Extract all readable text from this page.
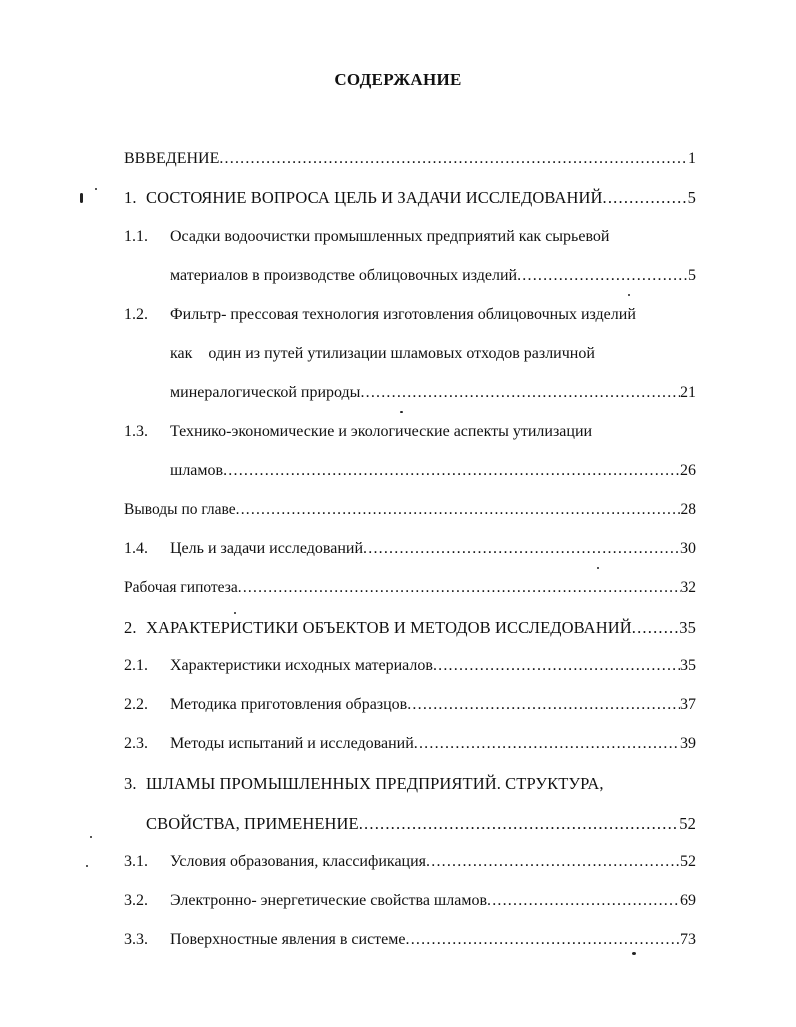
СОДЕРЖАНИЕ
ВВВЕДЕНИЕ .....	1
1. СОСТОЯНИЕ ВОПРОСА ЦЕЛЬ И ЗАДАЧИ ИССЛЕДОВАНИЙ .....	5
1.1.	Осадки водоочистки промышленных предприятий как сырьевой
материалов в производстве облицовочных изделий .....	5
1.2.	Фильтр- прессовая технология изготовления облицовочных изделий
как    один из путей утилизации шламовых отходов различной
минералогической природы .....	21
1.3.	Технико-экономические и экологические аспекты утилизации
шламов .....	26
Выводы по главе .....	28
1.4.	Цель и задачи исследований .....	30
Рабочая гипотеза .....	32
2. ХАРАКТЕРИСТИКИ ОБЪЕКТОВ И МЕТОДОВ ИССЛЕДОВАНИЙ .....	35
2.1.	Характеристики исходных материалов .....	35
2.2.	Методика приготовления образцов .....	37
2.3.	Методы испытаний и исследований .....	39
3. ШЛАМЫ ПРОМЫШЛЕННЫХ ПРЕДПРИЯТИЙ. СТРУКТУРА,
СВОЙСТВА, ПРИМЕНЕНИЕ .....	52
3.1.	Условия образования, классификация .....	52
3.2.	Электронно- энергетические свойства шламов .....	69
3.3.	Поверхностные явления в системе .....	73
